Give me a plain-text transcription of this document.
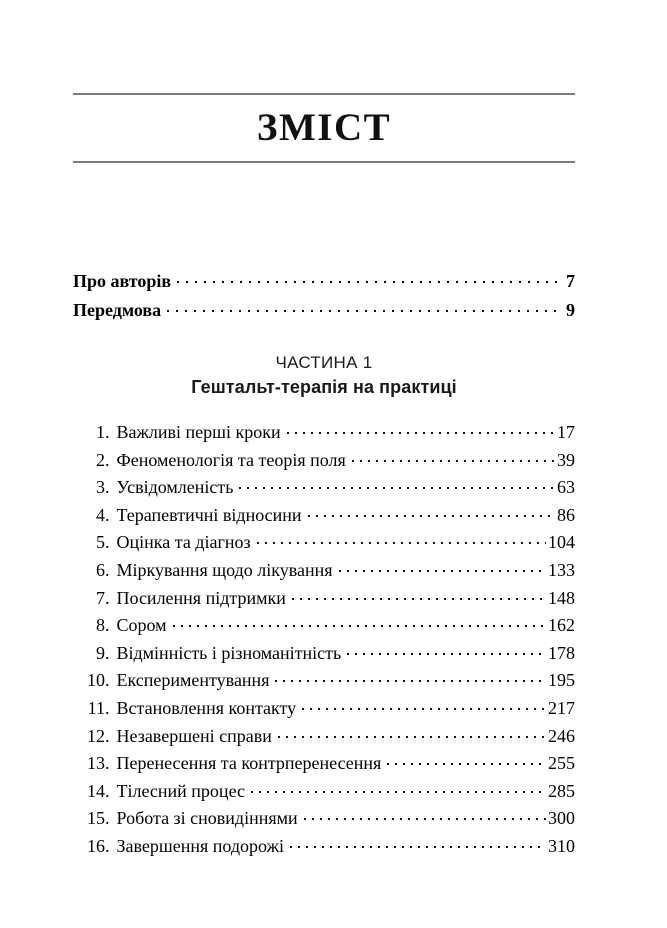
ЗМІСТ
Про авторів	7
Передмова	9
ЧАСТИНА 1
Гештальт-терапія на практиці
1 . Важливі перші кроки	17
2 . Феноменологія та теорія поля	39
3 . Усвідомленість	63
4 . Терапевтичні відносини	86
5 . Оцінка та діагноз	104
6 . Міркування щодо лікування	133
7 . Посилення підтримки	148
8 . Сором	162
9 . Відмінність і різноманітність	178
10 . Експериментування	195
11 . Встановлення контакту	217
12 . Незавершені справи	246
13 . Перенесення та контрперенесення	255
14 . Тілесний процес	285
15 . Робота зі сновидіннями	300
16 . Завершення подорожі	310
